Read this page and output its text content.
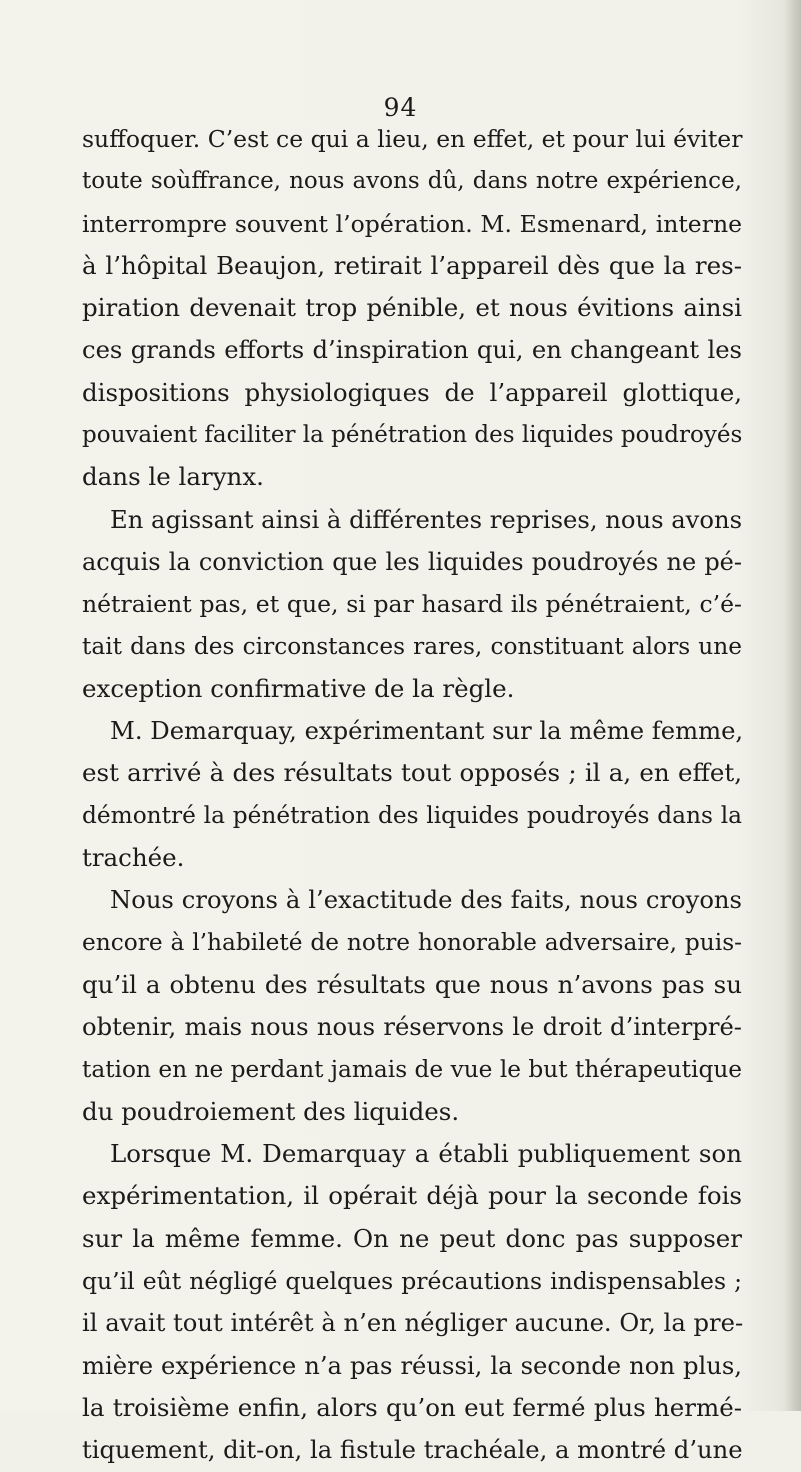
94
suffoquer. C’est ce qui a lieu, en effet, et pour lui éviter
toute soùffrance, nous avons dû, dans notre expérience,
interrompre souvent l’opération. M. Esmenard, interne
à l’hôpital Beaujon, retirait l’appareil dès que la res-
piration devenait trop pénible, et nous évitions ainsi
ces grands efforts d’inspiration qui, en changeant les
dispositions physiologiques de l’appareil glottique,
pouvaient faciliter la pénétration des liquides poudroyés
dans le larynx.
En agissant ainsi à différentes reprises, nous avons
acquis la conviction que les liquides poudroyés ne pé-
nétraient pas, et que, si par hasard ils pénétraient, c’é-
tait dans des circonstances rares, constituant alors une
exception confirmative de la règle.
M. Demarquay, expérimentant sur la même femme,
est arrivé à des résultats tout opposés ; il a, en effet,
démontré la pénétration des liquides poudroyés dans la
trachée.
Nous croyons à l’exactitude des faits, nous croyons
encore à l’habileté de notre honorable adversaire, puis-
qu’il a obtenu des résultats que nous n’avons pas su
obtenir, mais nous nous réservons le droit d’interpré-
tation en ne perdant jamais de vue le but thérapeutique
du poudroiement des liquides.
Lorsque M. Demarquay a établi publiquement son
expérimentation, il opérait déjà pour la seconde fois
sur la même femme. On ne peut donc pas supposer
qu’il eût négligé quelques précautions indispensables ;
il avait tout intérêt à n’en négliger aucune. Or, la pre-
mière expérience n’a pas réussi, la seconde non plus,
la troisième enfin, alors qu’on eut fermé plus hermé-
tiquement, dit-on, la fistule trachéale, a montré d’une
